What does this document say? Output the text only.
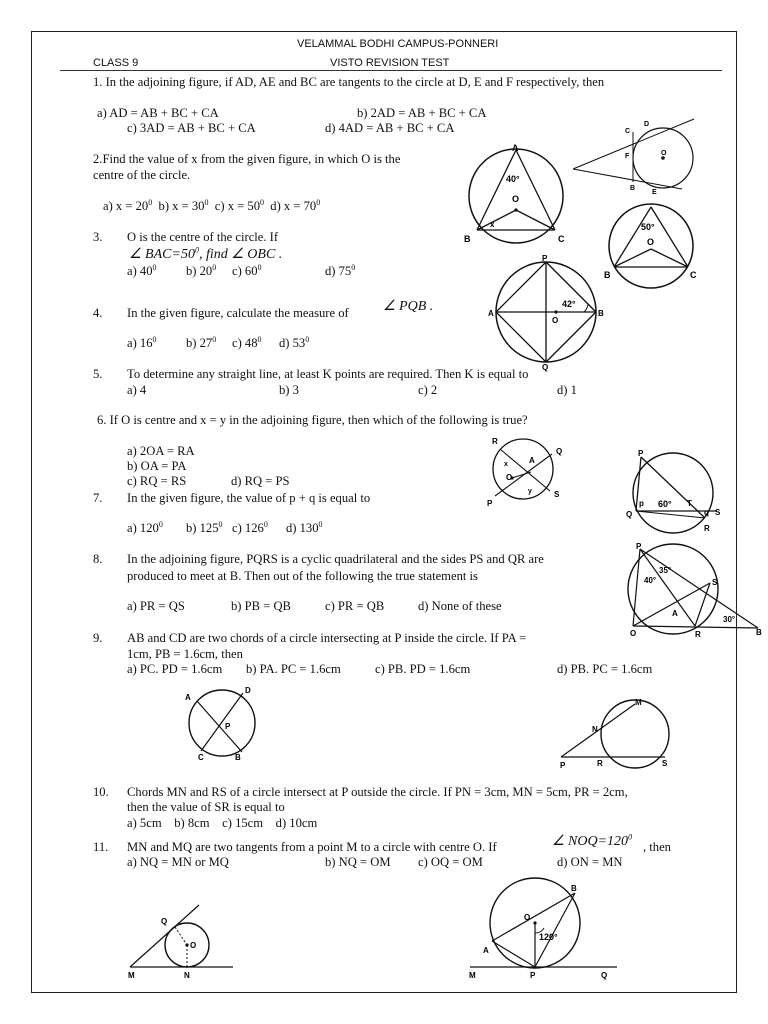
VELAMMAL BODHI CAMPUS-PONNERI
CLASS 9	VISTO REVISION TEST
1. In the adjoining figure, if AD, AE and BC are tangents to the circle at D, E and F respectively, then
a) AD = AB + BC + CA	b) 2AD = AB + BC + CA
c) 3AD = AB + BC + CA	d) 4AD = AB + BC + CA	C
D
F
B
E
O
2.Find the value of x from the given figure, in which O is the
centre of the circle.
a) $x = 20^0$ b) $x = 30^0$ c) $x = 50^0$ d) $x = 70^0$
A
40°
O
x
B	C
3. O is the centre of the circle. If
∠ $BAC=50^0$, find ∠ OBC .
a) $40^0$ b) $20^0$ c) $60^0$	d) $75^0$
50°
O
B	C
4. In the given figure, calculate the measure of ∠ PQB .
a) $16^0$ b) $27^0$ c) $48^0$ d) $53^0$
P
A
42°
O
B
Q
5. To determine any straight line, at least K points are required. Then K is equal to
a) 4	b) 3	c) 2	d) 1
6. If O is centre and x = y in the adjoining figure, then which of the following is true?
a) 2OA = RA
b) OA = PA
c) RQ = RS	d) RQ = PS
R
Q
x	A
O
y	S
P
7. In the given figure, the value of p + q is equal to
a) $120^0$ b) $125^0$ c) $126^0$ d) $130^0$
P
p 60° T
Q	q S
R
8. In the adjoining figure, PQRS is a cyclic quadrilateral and the sides PS and QR are
produced to meet at B. Then out of the following the true statement is
a) PR = QS	b) PB = QB	c) PR = QB	d) None of these
P
35°
40°	S
A
O	R
30°
B
9. AB and CD are two chords of a circle intersecting at P inside the circle. If PA =
1cm, PB = 1.6cm, then
a) PC. PD = 1.6cm b) PA. PC = 1.6cm	c) PB. PD = 1.6cm	d) PB. PC = 1.6cm
A
D
P
C	B
M
N
P	R	S
10. Chords MN and RS of a circle intersect at P outside the circle. If PN = 3cm, MN = 5cm, PR = 2cm,
then the value of SR is equal to
a) 5cm b) 8cm c) 15cm d) 10cm
11. MN and MQ are two tangents from a point M to a circle with centre O. If	∠ $NOQ=120^0$
, then
a) NQ = MN or MQ	b) NQ = OM c) OQ = OM	d) ON = MN
Q
O
M	N
B
O
120°
A
M	P	Q
